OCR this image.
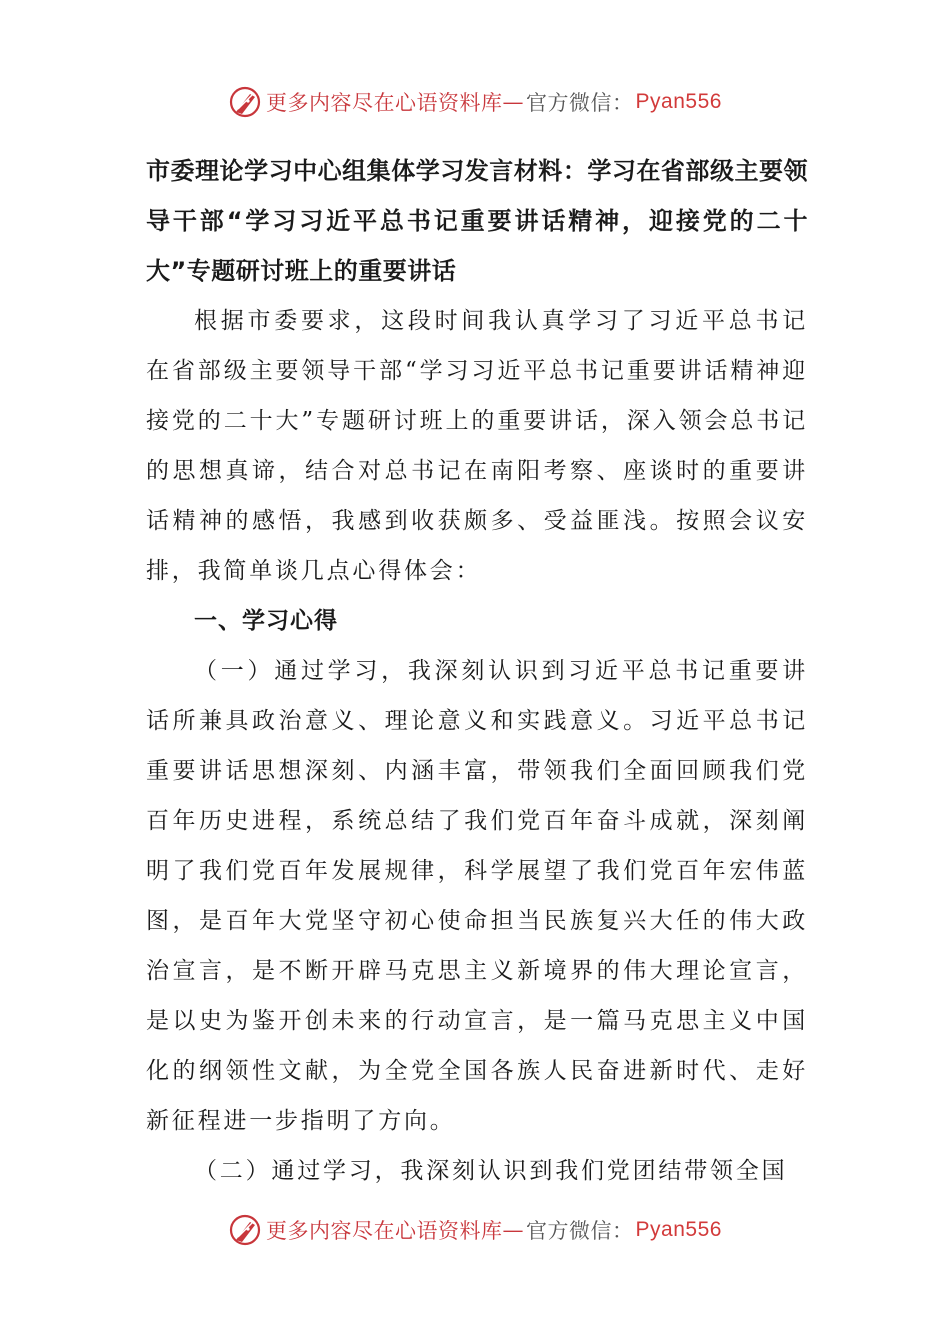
更多内容尽在心语资料库 — 官方微信： Pyan556

市委理论学习中心组集体学习发言材料：学习在省部级主要领导干部“学习习近平总书记重要讲话精神，迎接党的二十大”专题研讨班上的重要讲话

根据市委要求，这段时间我认真学习了习近平总书记在省部级主要领导干部“学习习近平总书记重要讲话精神迎接党的二十大”专题研讨班上的重要讲话，深入领会总书记的思想真谛，结合对总书记在南阳考察、座谈时的重要讲话精神的感悟，我感到收获颇多、受益匪浅。按照会议安排，我简单谈几点心得体会：

一、学习心得

（一）通过学习，我深刻认识到习近平总书记重要讲话所兼具政治意义、理论意义和实践意义。习近平总书记重要讲话思想深刻、内涵丰富，带领我们全面回顾我们党百年历史进程，系统总结了我们党百年奋斗成就，深刻阐明了我们党百年发展规律，科学展望了我们党百年宏伟蓝图，是百年大党坚守初心使命担当民族复兴大任的伟大政治宣言，是不断开辟马克思主义新境界的伟大理论宣言，是以史为鉴开创未来的行动宣言，是一篇马克思主义中国化的纲领性文献，为全党全国各族人民奋进新时代、走好新征程进一步指明了方向。

（二）通过学习，我深刻认识到我们党团结带领全国

更多内容尽在心语资料库 — 官方微信： Pyan556
